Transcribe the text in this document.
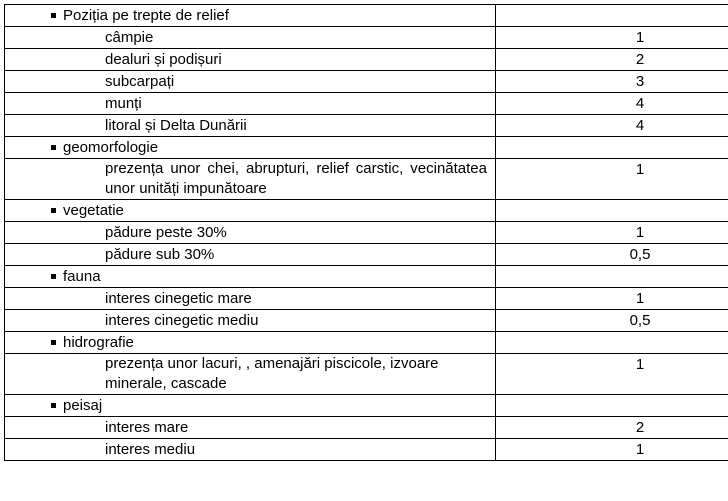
Poziția pe trepte de relief	
câmpie	1
dealuri și podișuri	2
subcarpați	3
munți	4
litoral și Delta Dunării	4
geomorfologie	
prezența unor chei, abrupturi, relief carstic, vecinătatea unor unități impunătoare	1
vegetatie	
pădure peste 30%	1
pădure sub 30%	0,5
fauna	
interes cinegetic mare	1
interes cinegetic mediu	0,5
hidrografie	
prezența unor lacuri, , amenajări piscicole, izvoare minerale, cascade	1
peisaj	
interes mare	2
interes mediu	1
